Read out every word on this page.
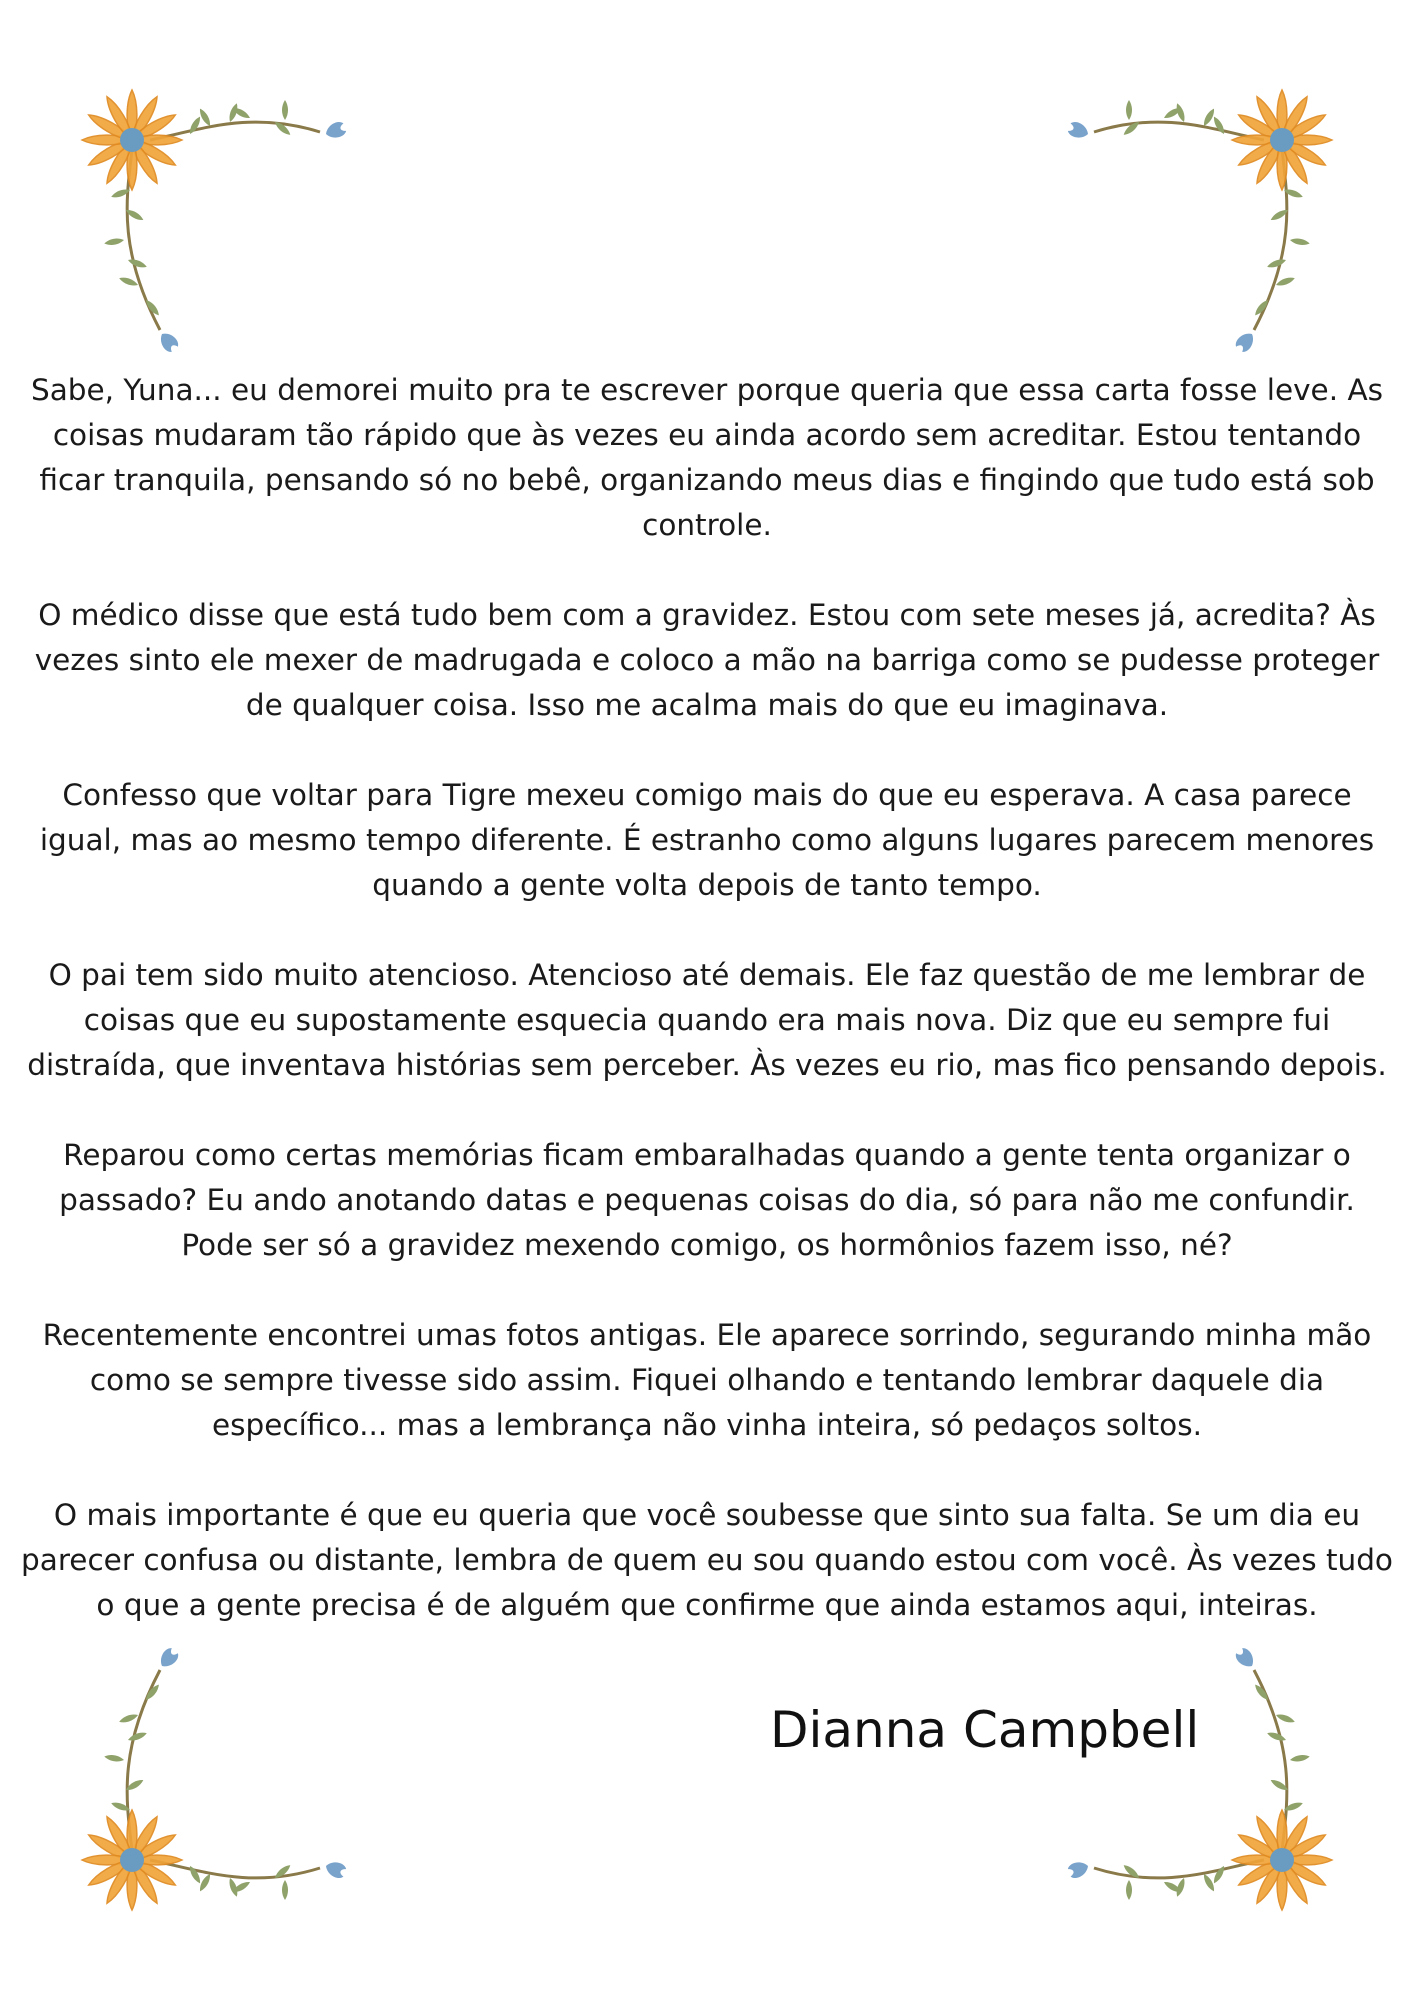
Sabe, Yuna... eu demorei muito pra te escrever porque queria que essa carta fosse leve. As coisas mudaram tão rápido que às vezes eu ainda acordo sem acreditar. Estou tentando ficar tranquila, pensando só no bebê, organizando meus dias e fingindo que tudo está sob controle.

O médico disse que está tudo bem com a gravidez. Estou com sete meses já, acredita? Às vezes sinto ele mexer de madrugada e coloco a mão na barriga como se pudesse proteger de qualquer coisa. Isso me acalma mais do que eu imaginava.

Confesso que voltar para Tigre mexeu comigo mais do que eu esperava. A casa parece igual, mas ao mesmo tempo diferente. É estranho como alguns lugares parecem menores quando a gente volta depois de tanto tempo.

O pai tem sido muito atencioso. Atencioso até demais. Ele faz questão de me lembrar de coisas que eu supostamente esquecia quando era mais nova. Diz que eu sempre fui distraída, que inventava histórias sem perceber. Às vezes eu rio, mas fico pensando depois.

Reparou como certas memórias ficam embaralhadas quando a gente tenta organizar o passado? Eu ando anotando datas e pequenas coisas do dia, só para não me confundir. Pode ser só a gravidez mexendo comigo, os hormônios fazem isso, né?

Recentemente encontrei umas fotos antigas. Ele aparece sorrindo, segurando minha mão como se sempre tivesse sido assim. Fiquei olhando e tentando lembrar daquele dia específico... mas a lembrança não vinha inteira, só pedaços soltos.

O mais importante é que eu queria que você soubesse que sinto sua falta. Se um dia eu parecer confusa ou distante, lembra de quem eu sou quando estou com você. Às vezes tudo o que a gente precisa é de alguém que confirme que ainda estamos aqui, inteiras.

Dianna Campbell
